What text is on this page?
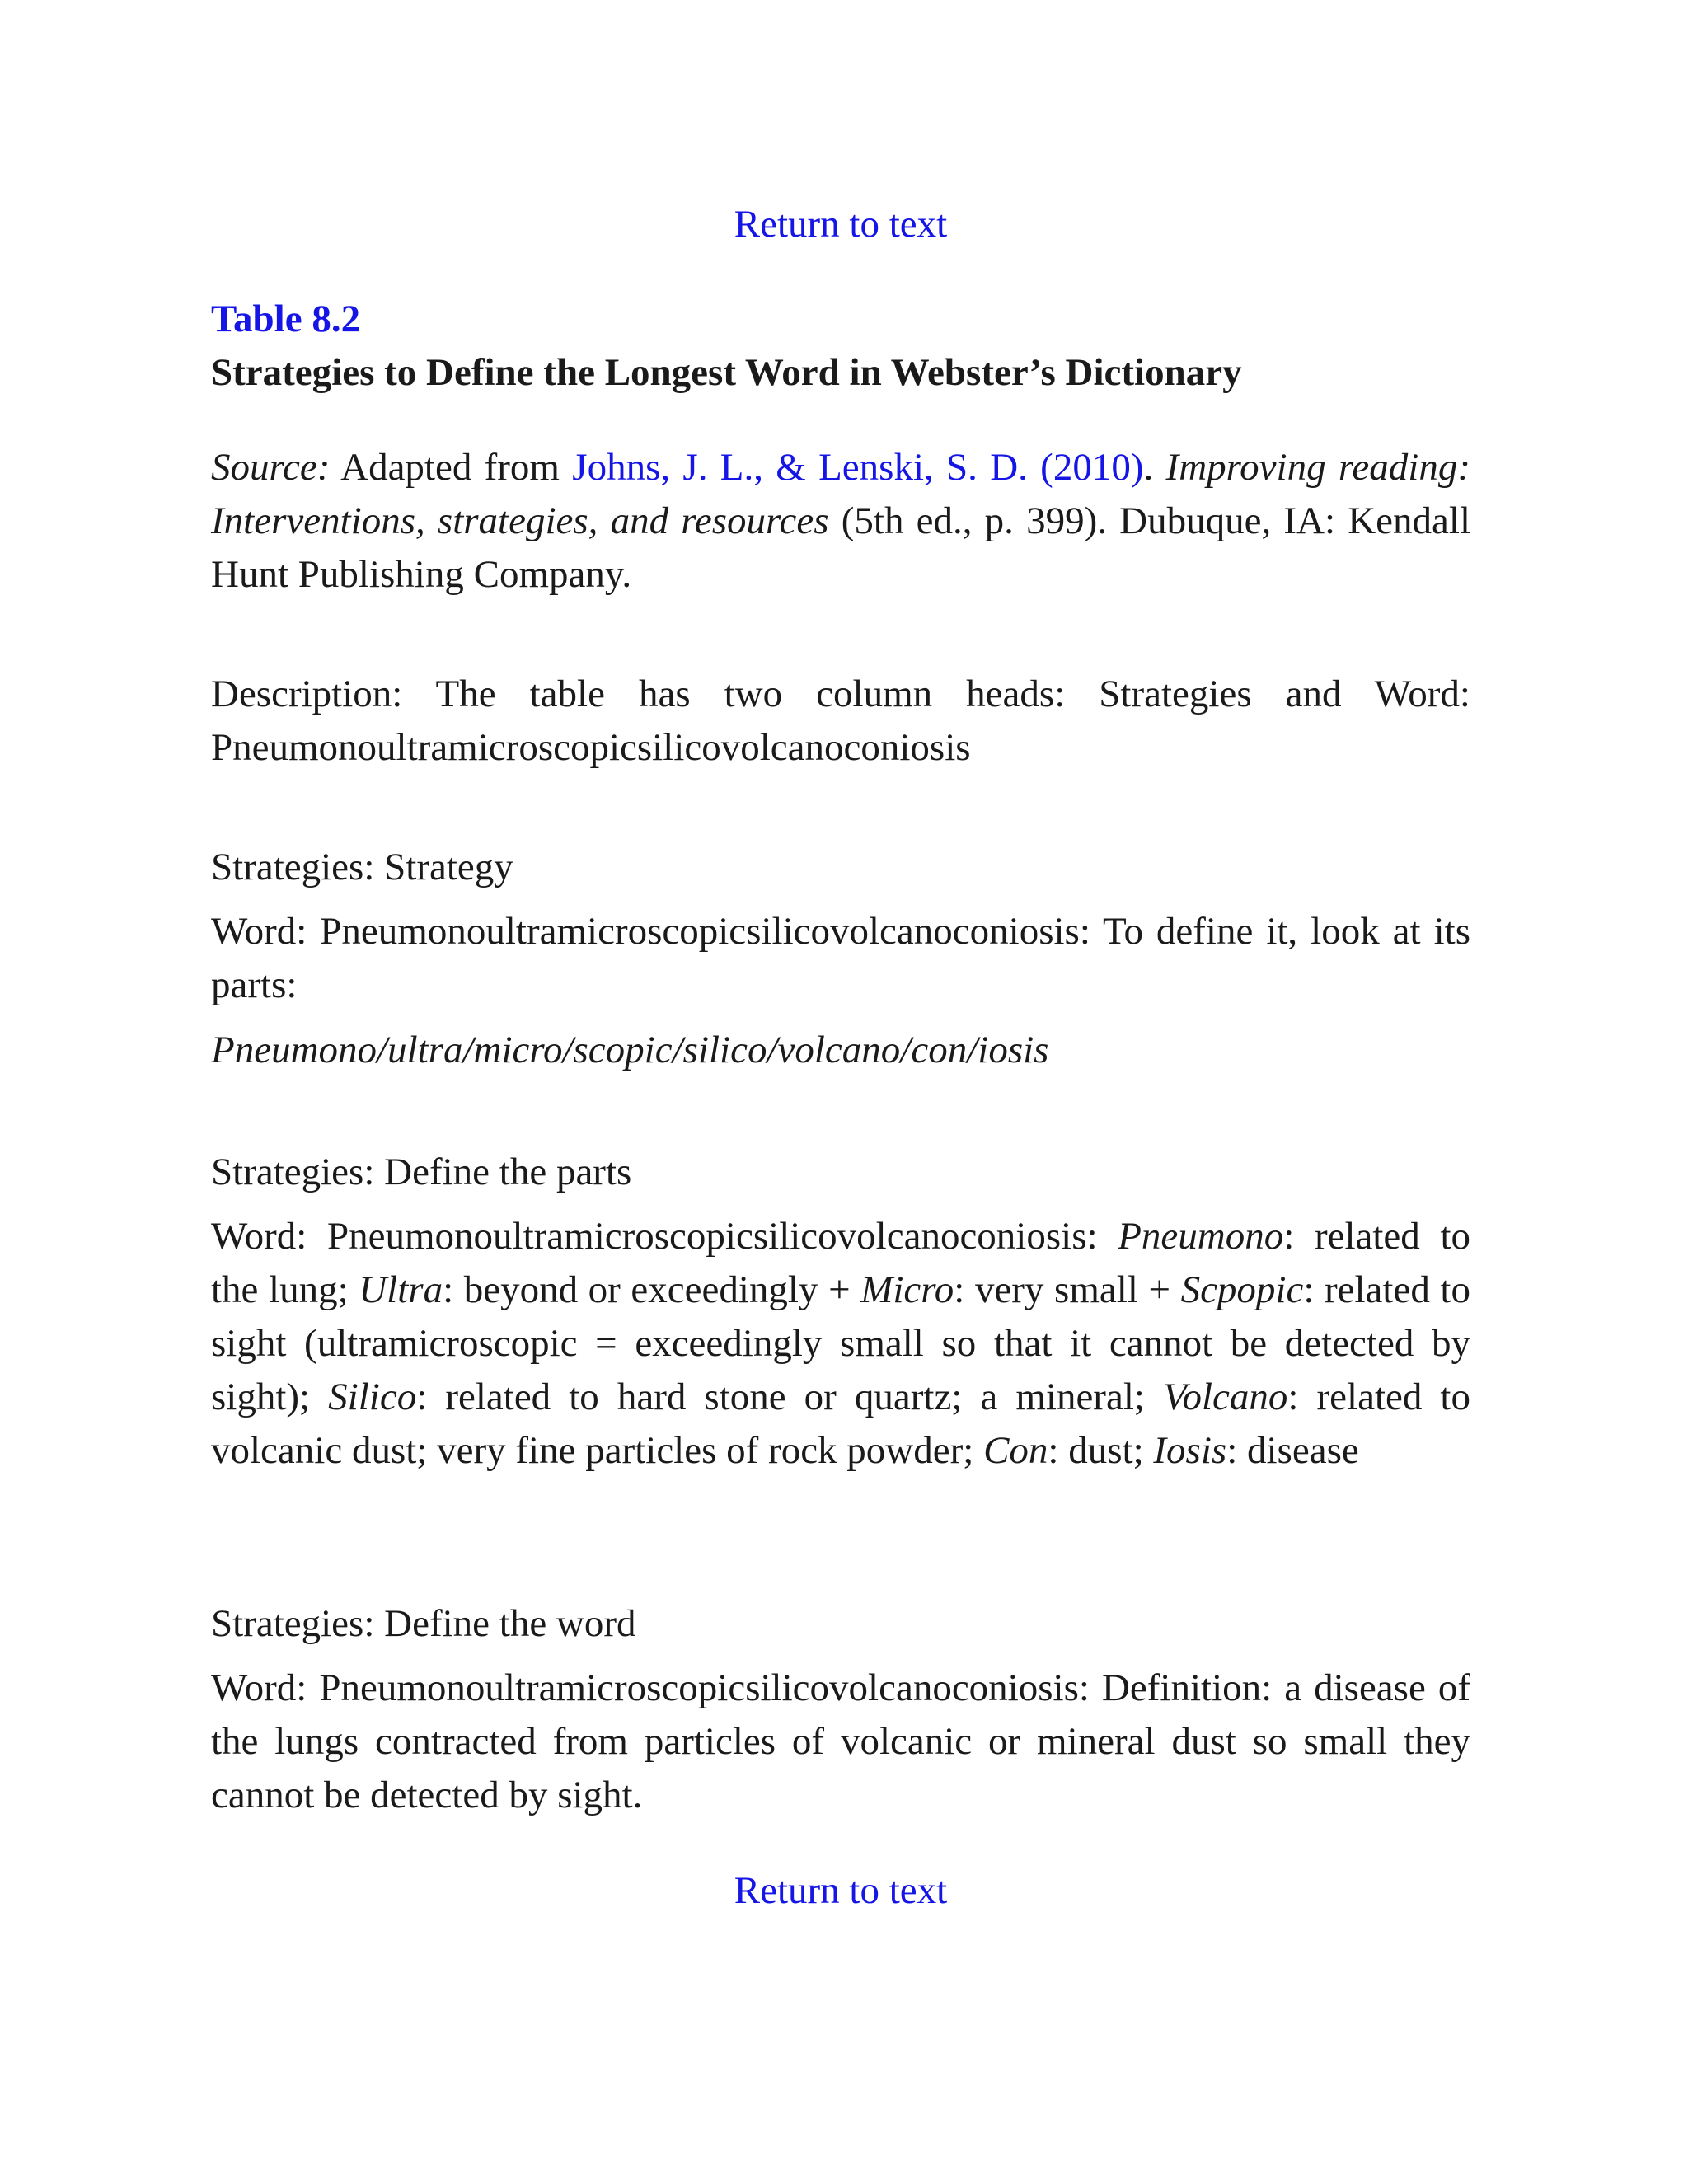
Return to text
Table 8.2
Strategies to Define the Longest Word in Webster’s Dictionary
Source: Adapted from Johns, J. L., & Lenski, S. D. (2010). Improving reading: Interventions, strategies, and resources (5th ed., p. 399). Dubuque, IA: Kendall Hunt Publishing Company.
Description: The table has two column heads: Strategies and Word: Pneumonoultramicroscopicsilicovolcanoconiosis
Strategies: Strategy
Word: Pneumonoultramicroscopicsilicovolcanoconiosis: To define it, look at its parts:
Pneumono/ultra/micro/scopic/silico/volcano/con/iosis
Strategies: Define the parts
Word: Pneumonoultramicroscopicsilicovolcanoconiosis: Pneumono: related to the lung; Ultra: beyond or exceedingly + Micro: very small + Scpopic: related to sight (ultramicroscopic = exceedingly small so that it cannot be detected by sight); Silico: related to hard stone or quartz; a mineral; Volcano: related to volcanic dust; very fine particles of rock powder; Con: dust; Iosis: disease
Strategies: Define the word
Word: Pneumonoultramicroscopicsilicovolcanoconiosis: Definition: a disease of the lungs contracted from particles of volcanic or mineral dust so small they cannot be detected by sight.
Return to text
